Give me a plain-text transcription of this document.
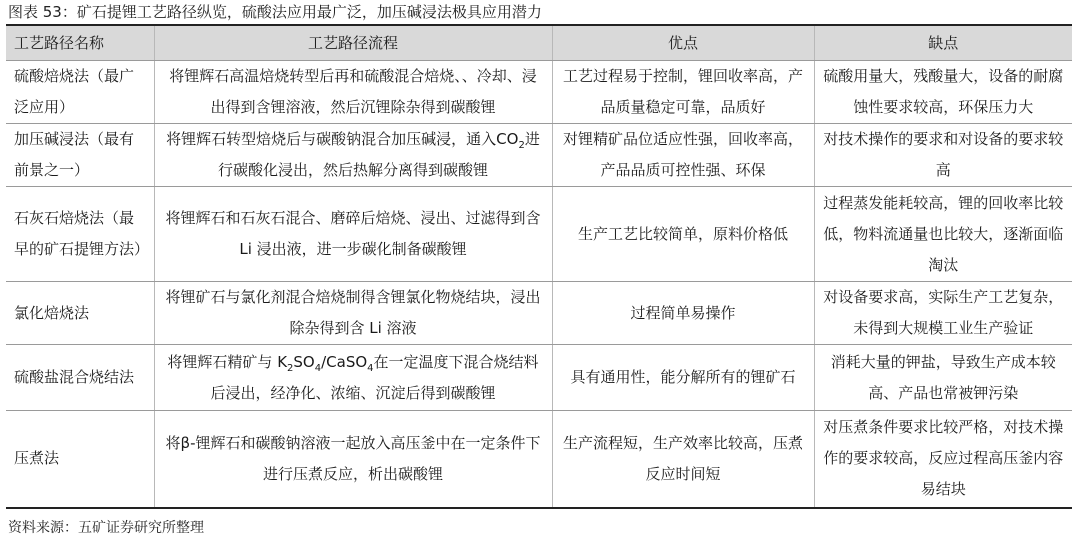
图表 53：矿石提锂工艺路径纵览，硫酸法应用最广泛，加压碱浸法极具应用潜力
工艺路径名称	工艺路径流程	优点	缺点
硫酸焙烧法（最广泛应用）	将锂辉石高温焙烧转型后再和硫酸混合焙烧、、冷却、浸出得到含锂溶液，然后沉锂除杂得到碳酸锂	工艺过程易于控制，锂回收率高，产品质量稳定可靠，品质好	硫酸用量大，残酸量大，设备的耐腐蚀性要求较高，环保压力大
加压碱浸法（最有前景之一）	将锂辉石转型焙烧后与碳酸钠混合加压碱浸，通入$CO_2$进行碳酸化浸出，然后热解分离得到碳酸锂	对锂精矿品位适应性强，回收率高，产品品质可控性强、环保	对技术操作的要求和对设备的要求较高
石灰石焙烧法（最早的矿石提锂方法）	将锂辉石和石灰石混合、磨碎后焙烧、浸出、过滤得到含 Li 浸出液，进一步碳化制备碳酸锂	生产工艺比较简单，原料价格低	过程蒸发能耗较高，锂的回收率比较低，物料流通量也比较大，逐渐面临淘汰
氯化焙烧法	将锂矿石与氯化剂混合焙烧制得含锂氯化物烧结块，浸出除杂得到含 Li 溶液	过程简单易操作	对设备要求高，实际生产工艺复杂，未得到大规模工业生产验证
硫酸盐混合烧结法	将锂辉石精矿与 $K_2SO_4/CaSO_4$在一定温度下混合烧结料后浸出，经净化、浓缩、沉淀后得到碳酸锂	具有通用性，能分解所有的锂矿石	消耗大量的钾盐，导致生产成本较高、产品也常被钾污染
压煮法	将β-锂辉石和碳酸钠溶液一起放入高压釜中在一定条件下进行压煮反应，析出碳酸锂	生产流程短，生产效率比较高，压煮反应时间短	对压煮条件要求比较严格，对技术操作的要求较高，反应过程高压釜内容易结块
资料来源：五矿证券研究所整理
